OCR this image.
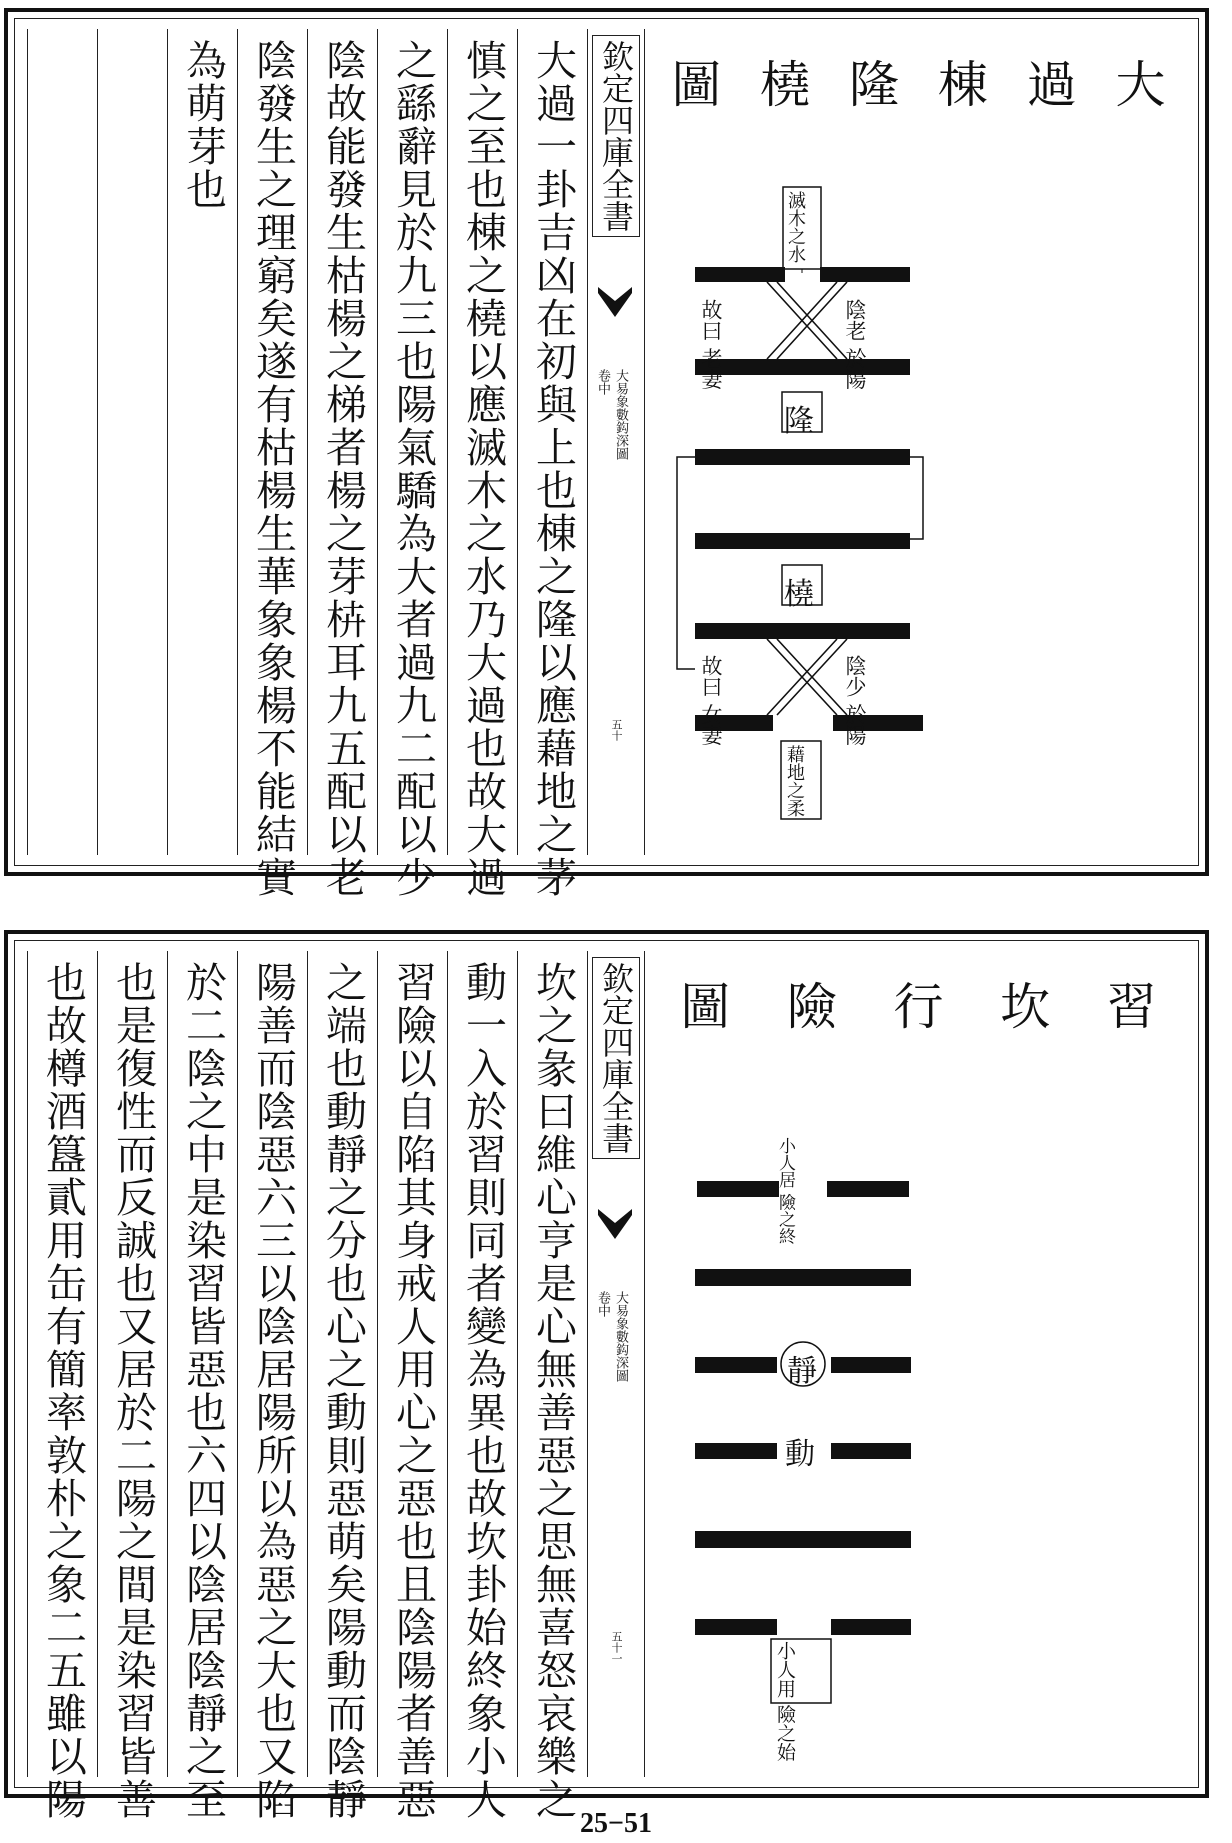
大過一卦吉凶在初與上也棟之隆以應藉地之茅
慎之至也棟之橈以應滅木之水乃大過也故大過
之繇辭見於九三也陽氣驕為大者過九二配以少
陰故能發生枯楊之梯者楊之芽枿耳九五配以老
陰發生之理窮矣遂有枯楊生華象象楊不能結實
為萌芽也	欽定四庫全書
大易象數鈎深圖
卷中
五十
圖 橈 隆 棟 過 大
滅木之水
陰老 於陽
故曰 老妻
隆
橈
陰少 於陽
故曰 女妻
藉地之柔
坎之彖曰維心亨是心無善惡之思無喜怒哀樂之
動一入於習則同者變為異也故坎卦始終象小人
習險以自陷其身戒人用心之惡也且陰陽者善惡
之端也動靜之分也心之動則惡萌矣陽動而陰靜
陽善而陰惡六三以陰居陽所以為惡之大也又陷
於二陰之中是染習皆惡也六四以陰居陰靜之至
也是復性而反誠也又居於二陽之間是染習皆善
也故樽酒簋貳用缶有簡率敦朴之象二五雖以陽	欽定四庫全書
大易象數鈎深圖
卷中
五十一
圖 險 行 坎 習
小人居 險之終
靜
動
小人用 險之始
25−51
